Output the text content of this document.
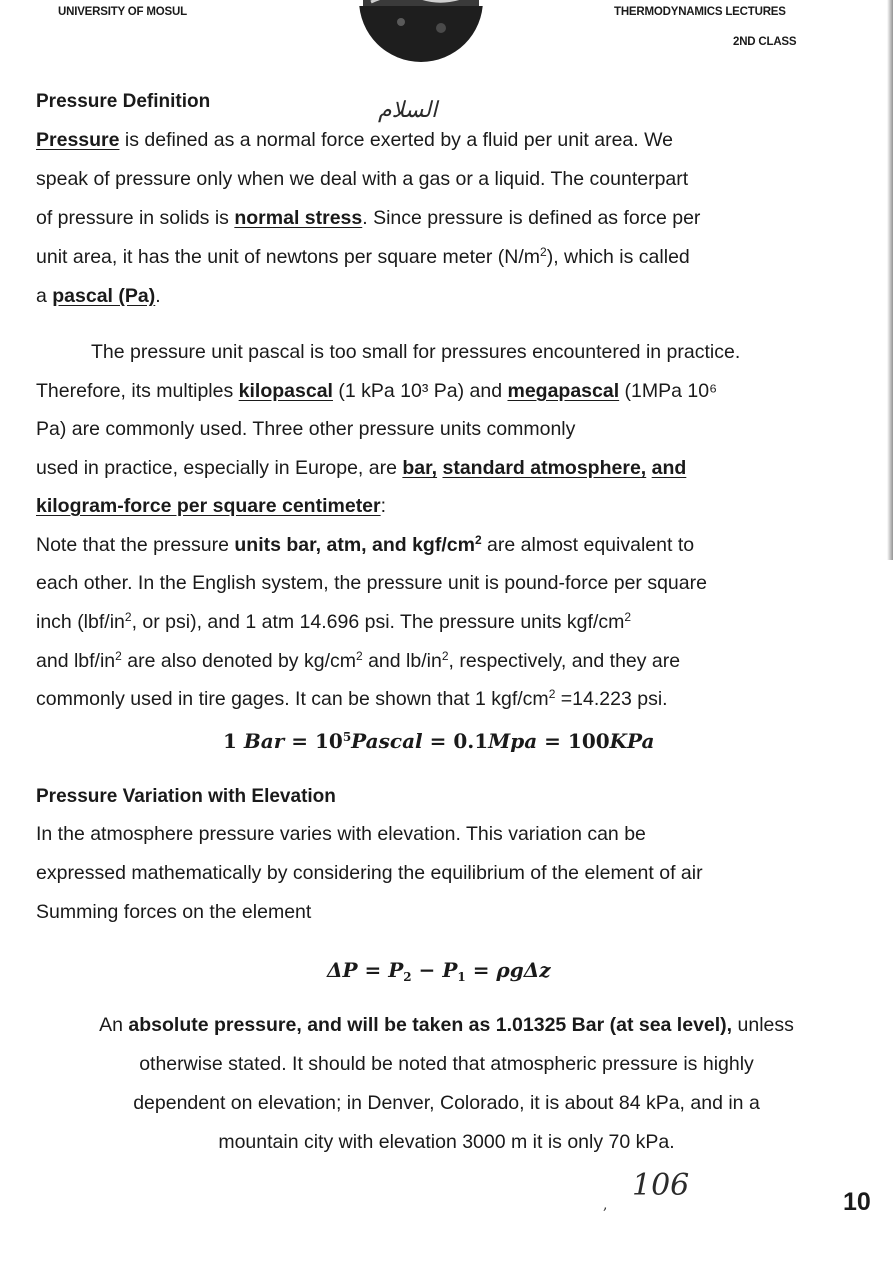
UNIVERSITY OF MOSUL	THERMODYNAMICS LECTURES
2ND CLASS
السلام
Pressure Definition
Pressure is defined as a normal force exerted by a fluid per unit area. We
speak of pressure only when we deal with a gas or a liquid. The counterpart
of pressure in solids is normal stress. Since pressure is defined as force per
unit area, it has the unit of newtons per square meter $(N/m^2)$, which is called
a pascal (Pa).
The pressure unit pascal is too small for pressures encountered in practice.
Therefore, its multiples kilopascal (1 kPa 10³ Pa) and megapascal (1MPa 10⁶
Pa) are commonly used. Three other pressure units commonly
used in practice, especially in Europe, are bar, standard atmosphere, and
kilogram-force per square centimeter:
Note that the pressure units bar, atm, and kgf/$cm^2$ are almost equivalent to
each other. In the English system, the pressure unit is pound-force per square
inch ($lbf/in^2$, or psi), and 1 atm 14.696 psi. The pressure units kgf/$cm^2$
and lbf/$in^2$ are also denoted by $kg/cm^2$ and $lb/in^2$, respectively, and they are
commonly used in tire gages. It can be shown that 1 kgf/$cm^2 =14.223$ psi.
1 Bar = $10^5Pascal = 0.1Mpa = 100KPa$
Pressure Variation with Elevation
In the atmosphere pressure varies with elevation. This variation can be
expressed mathematically by considering the equilibrium of the element of air
Summing forces on the element
$\Delta P = P_2 - P_1 = \rho g\Delta z$
An absolute pressure, and will be taken as 1.01325 Bar (at sea level), unless
otherwise stated. It should be noted that atmospheric pressure is highly
dependent on elevation; in Denver, Colorado, it is about 84 kPa, and in a
mountain city with elevation 3000 m it is only 70 kPa.
,
106	10
